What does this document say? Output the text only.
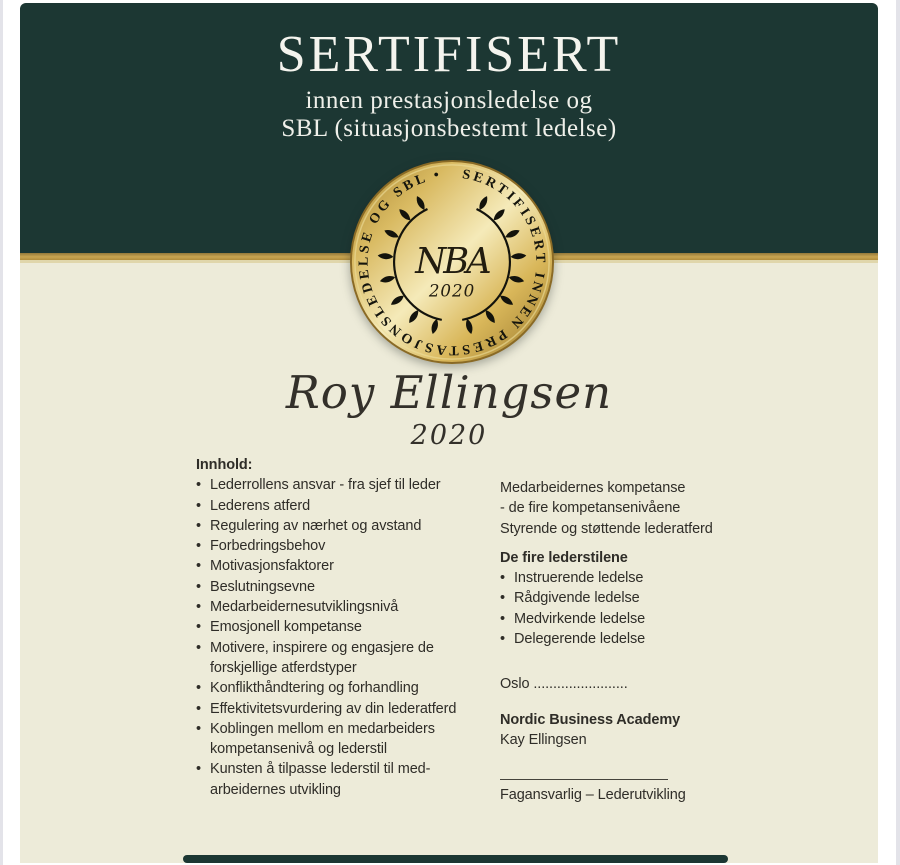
SERTIFISERT

innen prestasjonsledelse og

SBL (situasjonsbestemt ledelse)

SERTIFISERT INNEN PRESTASJONSLEDELSE OG SBL •
NBA
2020
Roy Ellingsen
2020
Innhold:
• Lederrollens ansvar - fra sjef til leder
• Lederens atferd
• Regulering av nærhet og avstand
• Forbedringsbehov
• Motivasjonsfaktorer
• Beslutningsevne
• Medarbeidernesutviklingsnivå
• Emosjonell kompetanse
• Motivere, inspirere og engasjere de
forskjellige atferdstyper
• Konflikthåndtering og forhandling
• Effektivitetsvurdering av din lederatferd
• Koblingen mellom en medarbeiders
kompetansenivå og lederstil
• Kunsten å tilpasse lederstil til med-
arbeidernes utvikling
Medarbeidernes kompetanse
- de fire kompetansenivåene
Styrende og støttende lederatferd
De fire lederstilene
• Instruerende ledelse
• Rådgivende ledelse
• Medvirkende ledelse
• Delegerende ledelse
Oslo ........................
Nordic Business Academy
Kay Ellingsen
Fagansvarlig – Lederutvikling
